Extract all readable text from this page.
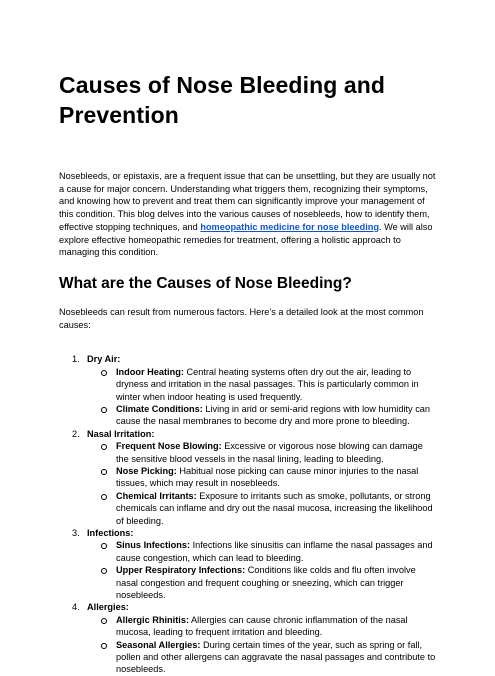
Causes of Nose Bleeding and Prevention

Nosebleeds, or epistaxis, are a frequent issue that can be unsettling, but they are usually not a cause for major concern. Understanding what triggers them, recognizing their symptoms, and knowing how to prevent and treat them can significantly improve your management of this condition. This blog delves into the various causes of nosebleeds, how to identify them, effective stopping techniques, and homeopathic medicine for nose bleeding. We will also explore effective homeopathic remedies for treatment, offering a holistic approach to managing this condition.

What are the Causes of Nose Bleeding?

Nosebleeds can result from numerous factors. Here’s a detailed look at the most common causes:

1. Dry Air:
Indoor Heating: Central heating systems often dry out the air, leading to dryness and irritation in the nasal passages. This is particularly common in winter when indoor heating is used frequently.
Climate Conditions: Living in arid or semi-arid regions with low humidity can cause the nasal membranes to become dry and more prone to bleeding.
2. Nasal Irritation:
Frequent Nose Blowing: Excessive or vigorous nose blowing can damage the sensitive blood vessels in the nasal lining, leading to bleeding.
Nose Picking: Habitual nose picking can cause minor injuries to the nasal tissues, which may result in nosebleeds.
Chemical Irritants: Exposure to irritants such as smoke, pollutants, or strong chemicals can inflame and dry out the nasal mucosa, increasing the likelihood of bleeding.
3. Infections:
Sinus Infections: Infections like sinusitis can inflame the nasal passages and cause congestion, which can lead to bleeding.
Upper Respiratory Infections: Conditions like colds and flu often involve nasal congestion and frequent coughing or sneezing, which can trigger nosebleeds.
4. Allergies:
Allergic Rhinitis: Allergies can cause chronic inflammation of the nasal mucosa, leading to frequent irritation and bleeding.
Seasonal Allergies: During certain times of the year, such as spring or fall, pollen and other allergens can aggravate the nasal passages and contribute to nosebleeds.
